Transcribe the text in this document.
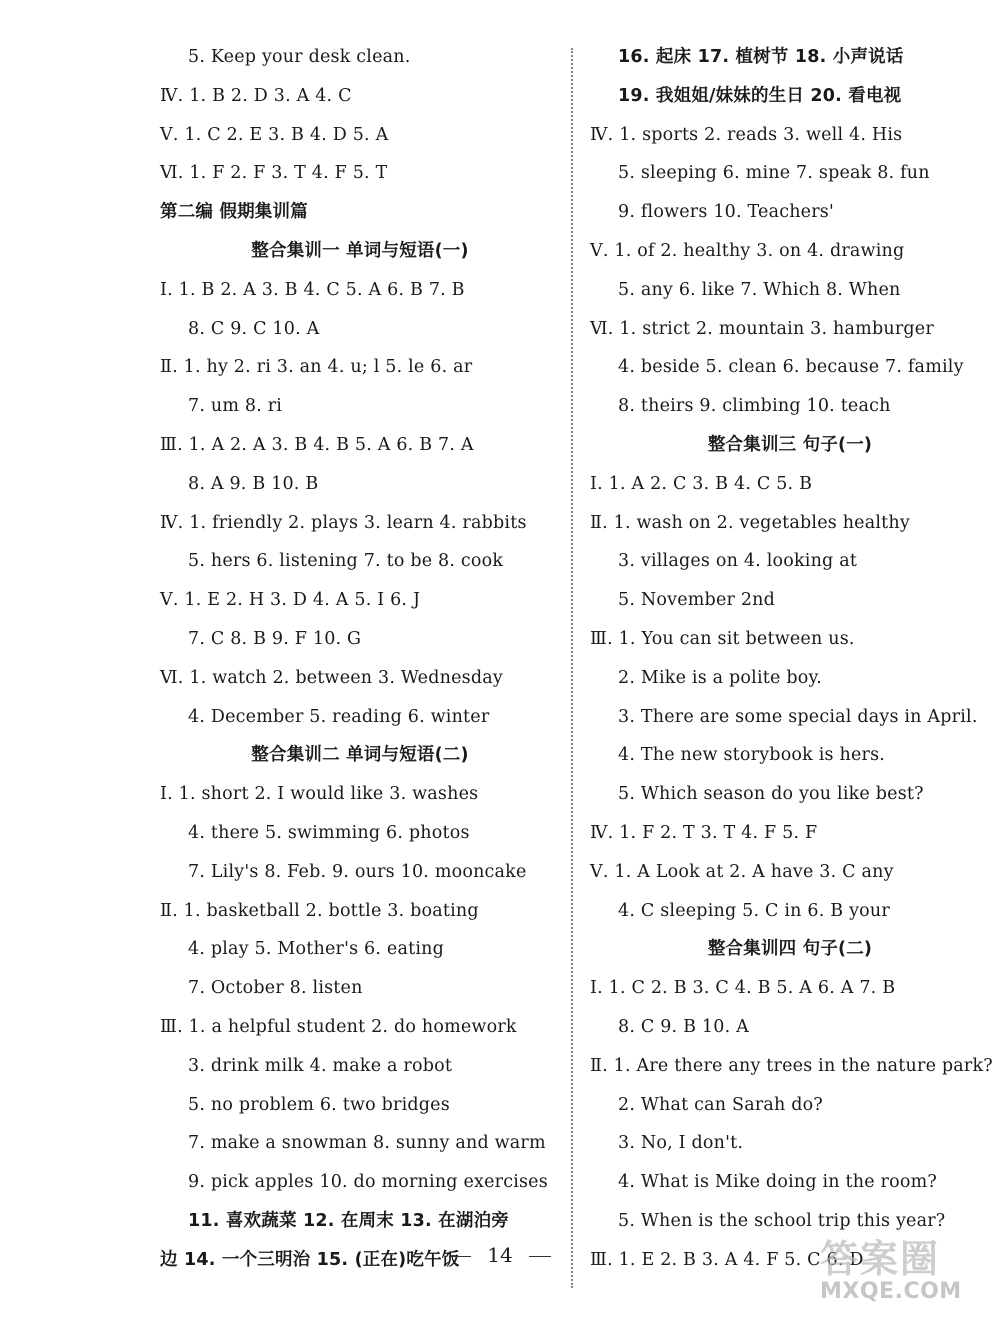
5. Keep your desk clean.
Ⅳ. 1. B 2. D 3. A 4. C
Ⅴ. 1. C 2. E 3. B 4. D 5. A
Ⅵ. 1. F 2. F 3. T 4. F 5. T
第二编 假期集训篇
整合集训一 单词与短语(一)
Ⅰ. 1. B 2. A 3. B 4. C 5. A 6. B 7. B
8. C 9. C 10. A
Ⅱ. 1. hy 2. ri 3. an 4. u; l 5. le 6. ar
7. um 8. ri
Ⅲ. 1. A 2. A 3. B 4. B 5. A 6. B 7. A
8. A 9. B 10. B
Ⅳ. 1. friendly 2. plays 3. learn 4. rabbits
5. hers 6. listening 7. to be 8. cook
Ⅴ. 1. E 2. H 3. D 4. A 5. I 6. J
7. C 8. B 9. F 10. G
Ⅵ. 1. watch 2. between 3. Wednesday
4. December 5. reading 6. winter
整合集训二 单词与短语(二)
Ⅰ. 1. short 2. I would like 3. washes
4. there 5. swimming 6. photos
7. Lily's 8. Feb. 9. ours 10. mooncake
Ⅱ. 1. basketball 2. bottle 3. boating
4. play 5. Mother's 6. eating
7. October 8. listen
Ⅲ. 1. a helpful student 2. do homework
3. drink milk 4. make a robot
5. no problem 6. two bridges
7. make a snowman 8. sunny and warm
9. pick apples 10. do morning exercises
11. 喜欢蔬菜 12. 在周末 13. 在湖泊旁
边 14. 一个三明治 15. (正在)吃午饭
16. 起床 17. 植树节 18. 小声说话
19. 我姐姐/妹妹的生日 20. 看电视
Ⅳ. 1. sports 2. reads 3. well 4. His
5. sleeping 6. mine 7. speak 8. fun
9. flowers 10. Teachers'
Ⅴ. 1. of 2. healthy 3. on 4. drawing
5. any 6. like 7. Which 8. When
Ⅵ. 1. strict 2. mountain 3. hamburger
4. beside 5. clean 6. because 7. family
8. theirs 9. climbing 10. teach
整合集训三 句子(一)
Ⅰ. 1. A 2. C 3. B 4. C 5. B
Ⅱ. 1. wash on 2. vegetables healthy
3. villages on 4. looking at
5. November 2nd
Ⅲ. 1. You can sit between us.
2. Mike is a polite boy.
3. There are some special days in April.
4. The new storybook is hers.
5. Which season do you like best?
Ⅳ. 1. F 2. T 3. T 4. F 5. F
Ⅴ. 1. A Look at 2. A have 3. C any
4. C sleeping 5. C in 6. B your
整合集训四 句子(二)
Ⅰ. 1. C 2. B 3. C 4. B 5. A 6. A 7. B
8. C 9. B 10. A
Ⅱ. 1. Are there any trees in the nature park?
2. What can Sarah do?
3. No, I don't.
4. What is Mike doing in the room?
5. When is the school trip this year?
Ⅲ. 1. E 2. B 3. A 4. F 5. C 6. D
14	答案圈
MXQE.COM
